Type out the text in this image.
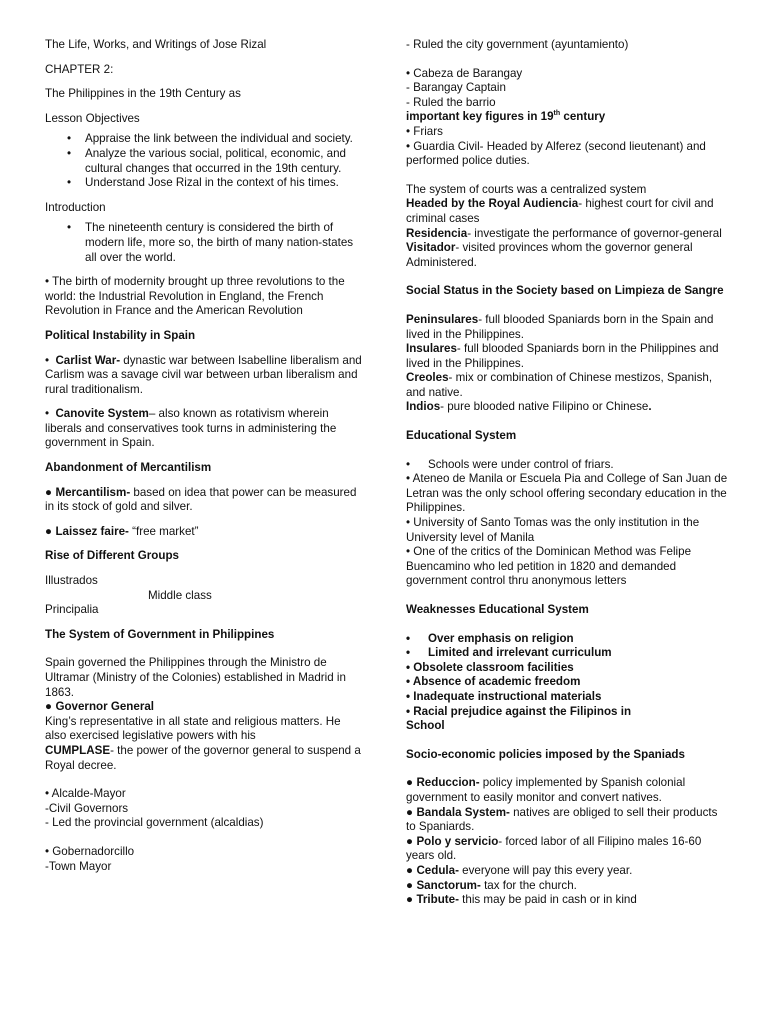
The Life, Works, and Writings of Jose Rizal

CHAPTER 2:

The Philippines in the 19th Century as

Lesson Objectives

• Appraise the link between the individual and society.
• Analyze the various social, political, economic, and cultural changes that occurred in the 19th century.
• Understand Jose Rizal in the context of his times.

Introduction

• The nineteenth century is considered the birth of modern life, more so, the birth of many nation-states all over the world.

• The birth of modernity brought up three revolutions to the world: the Industrial Revolution in England, the French Revolution in France and the American Revolution

Political Instability in Spain

• Carlist War- dynastic war between Isabelline liberalism and Carlism was a savage civil war between urban liberalism and rural traditionalism.

• Canovite System– also known as rotativism wherein liberals and conservatives took turns in administering the government in Spain.

Abandonment of Mercantilism

● Mercantilism- based on idea that power can be measured in its stock of gold and silver.

● Laissez faire- “free market”

Rise of Different Groups

Illustrados

Middle class

Principalia

The System of Government in Philippines

Spain governed the Philippines through the Ministro de Ultramar (Ministry of the Colonies) established in Madrid in 1863.

● Governor General

King’s representative in all state and religious matters. He also exercised legislative powers with his
CUMPLASE- the power of the governor general to suspend a Royal decree.

• Alcalde-Mayor

-Civil Governors

- Led the provincial government (alcaldias)

• Gobernadorcillo

-Town Mayor

- Ruled the city government (ayuntamiento)

• Cabeza de Barangay

- Barangay Captain

- Ruled the barrio

important key figures in 19th century

• Friars

• Guardia Civil- Headed by Alferez (second lieutenant) and performed police duties.

The system of courts was a centralized system

Headed by the Royal Audiencia- highest court for civil and criminal cases

Residencia- investigate the performance of governor-general

Visitador- visited provinces whom the governor general Administered.

Social Status in the Society based on Limpieza de Sangre

Peninsulares- full blooded Spaniards born in the Spain and lived in the Philippines.

Insulares- full blooded Spaniards born in the Philippines and lived in the Philippines.

Creoles- mix or combination of Chinese mestizos, Spanish, and native.

Indios- pure blooded native Filipino or Chinese.

Educational System

• Schools were under control of friars.

• Ateneo de Manila or Escuela Pia and College of San Juan de Letran was the only school offering secondary education in the Philippines.

• University of Santo Tomas was the only institution in the University level of Manila

• One of the critics of the Dominican Method was Felipe Buencamino who led petition in 1820 and demanded government control thru anonymous letters

Weaknesses Educational System

• Over emphasis on religion
• Limited and irrelevant curriculum

• Obsolete classroom facilities

• Absence of academic freedom

• Inadequate instructional materials

• Racial prejudice against the Filipinos in School

Socio-economic policies imposed by the Spaniads

● Reduccion- policy implemented by Spanish colonial government to easily monitor and convert natives.

● Bandala System- natives are obliged to sell their products to Spaniards.

● Polo y servicio- forced labor of all Filipino males 16-60 years old.

● Cedula- everyone will pay this every year.

● Sanctorum- tax for the church.

● Tribute- this may be paid in cash or in kind
